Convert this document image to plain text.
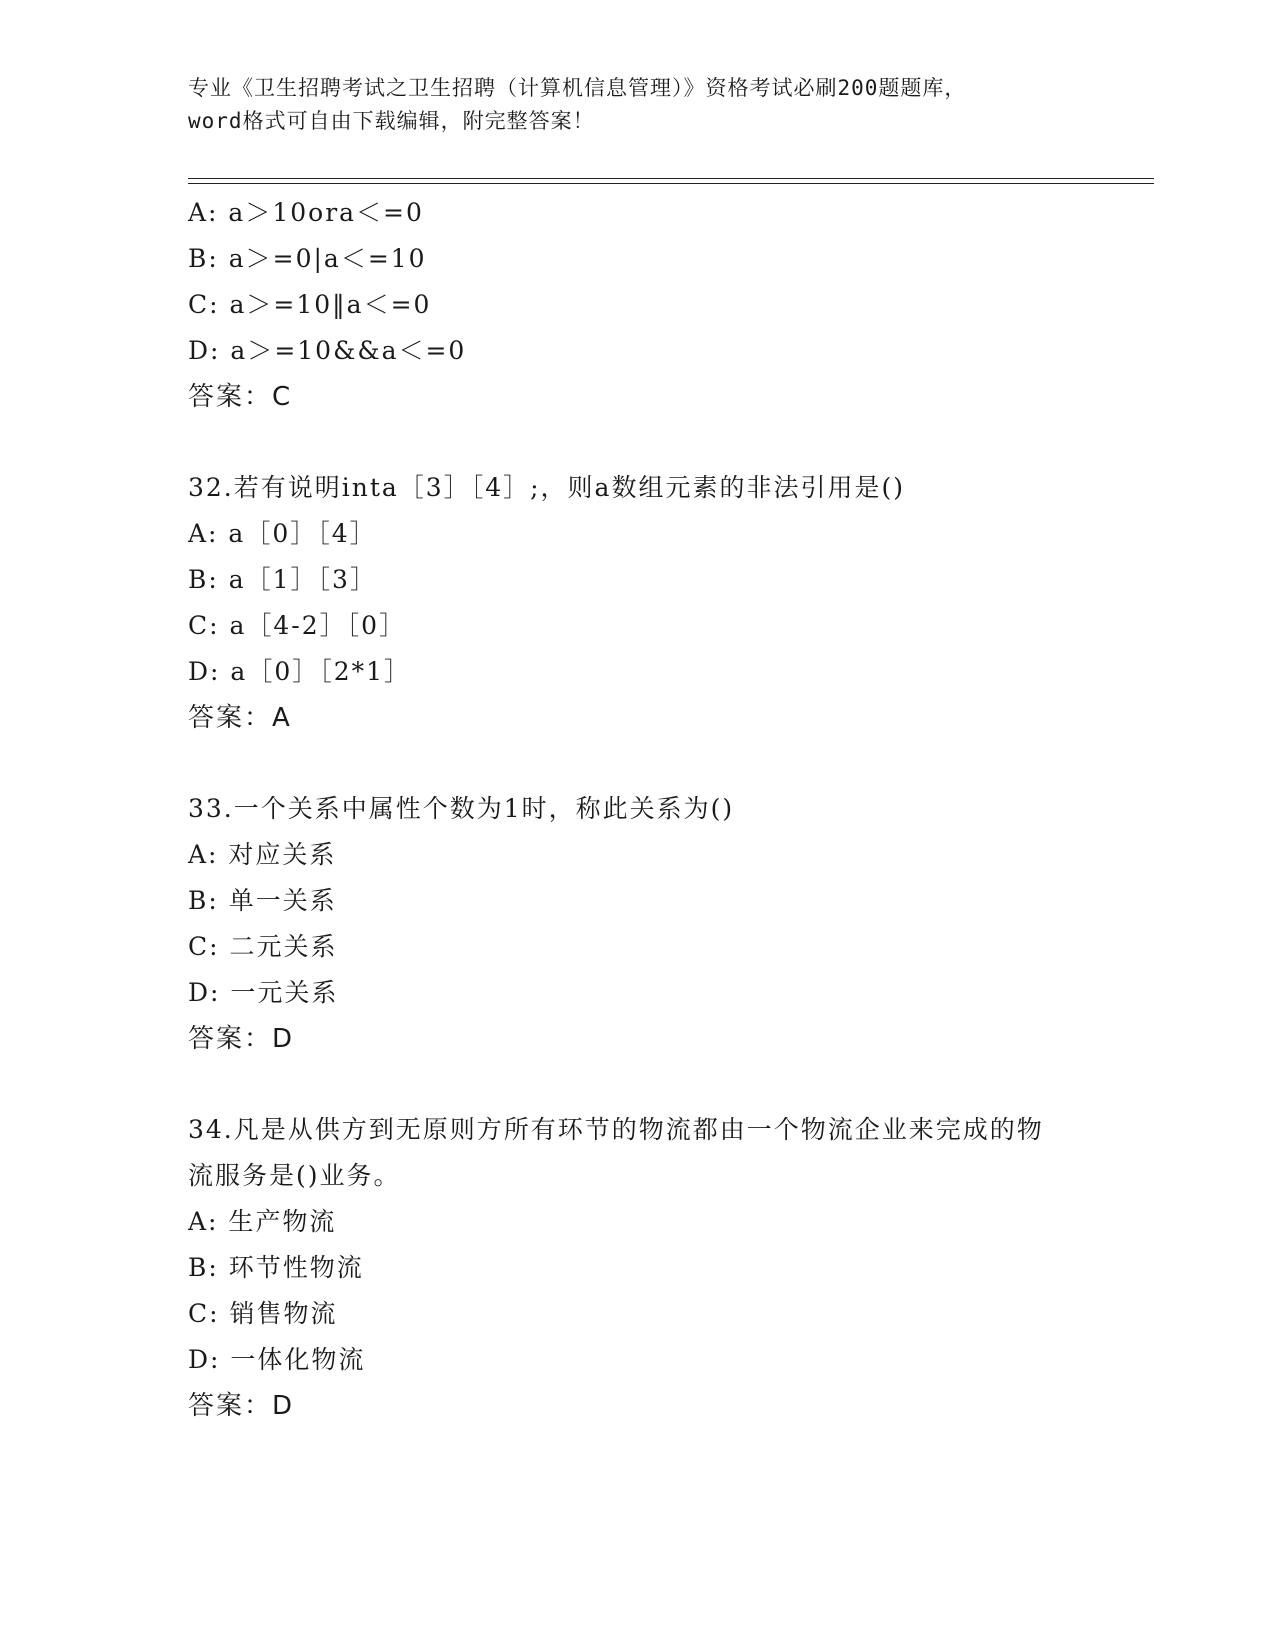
专业《卫生招聘考试之卫生招聘（计算机信息管理）》资格考试必刷200题题库，
word格式可自由下载编辑，附完整答案！
A: a＞10ora＜=0
B: a＞=0|a＜=10
C: a＞=10‖a＜=0
D: a＞=10&&a＜=0
答案：C
32.若有说明inta［3］［4］;，则a数组元素的非法引用是()
A: a［0］［4］
B: a［1］［3］
C: a［4-2］［0］
D: a［0］［2*1］
答案：A
33.一个关系中属性个数为1时，称此关系为()
A: 对应关系
B: 单一关系
C: 二元关系
D: 一元关系
答案：D
34.凡是从供方到无原则方所有环节的物流都由一个物流企业来完成的物流服务是()业务。
A: 生产物流
B: 环节性物流
C: 销售物流
D: 一体化物流
答案：D
